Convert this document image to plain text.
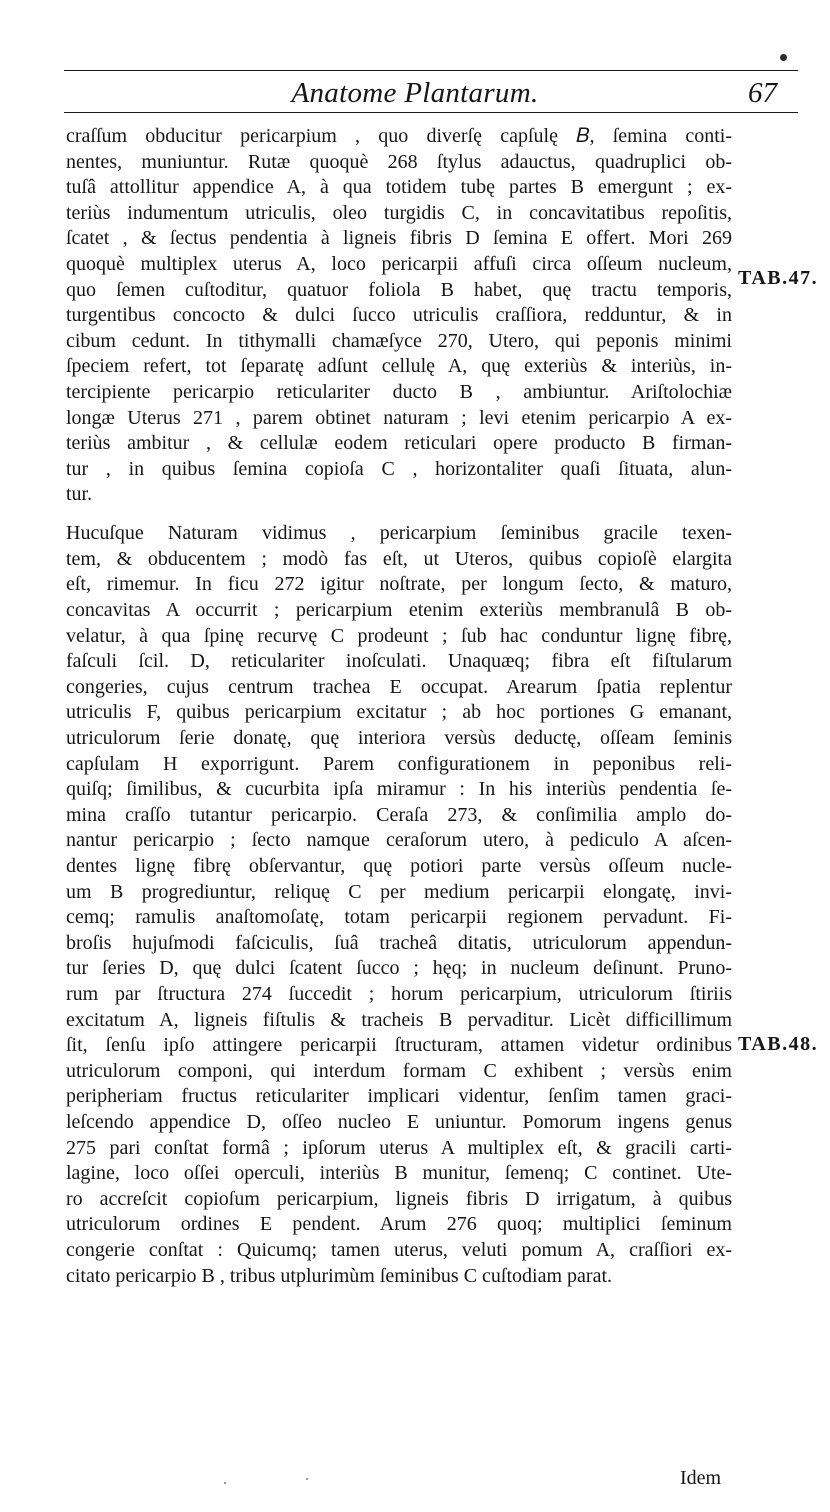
Anatome Plantarum.	67
craſſum obducitur pericarpium , quo diverſę capſulę 𝐵, ſemina conti-
nentes, muniuntur. Rutæ quoquè 268 ſtylus adauctus, quadruplici ob-
tuſâ attollitur appendice A, à qua totidem tubę partes B emergunt ; ex-
teriùs indumentum utriculis, oleo turgidis C, in concavitatibus repoſitis,
ſcatet , & ſectus pendentia à ligneis fibris D ſemina E offert. Mori 269
quoquè multiplex uterus A, loco pericarpii affuſi circa oſſeum nucleum,
quo ſemen cuſtoditur, quatuor foliola B habet, quę tractu temporis,
turgentibus concocto & dulci ſucco utriculis craſſiora, redduntur, & in
cibum cedunt. In tithymalli chamæſyce 270, Utero, qui peponis minimi
ſpeciem refert, tot ſeparatę adſunt cellulę A, quę exteriùs & interiùs, in-
tercipiente pericarpio reticulariter ducto B , ambiuntur. Ariſtolochiæ
longæ Uterus 271 , parem obtinet naturam ; levi etenim pericarpio A ex-
teriùs ambitur , & cellulæ eodem reticulari opere producto B firman-
tur , in quibus ſemina copioſa C , horizontaliter quaſi ſituata, alun-
tur.
Hucuſque Naturam vidimus , pericarpium ſeminibus gracile texen-
tem, & obducentem ; modò fas eſt, ut Uteros, quibus copioſè elargita
eſt, rimemur. In ficu 272 igitur noſtrate, per longum ſecto, & maturo,
concavitas A occurrit ; pericarpium etenim exteriùs membranulâ B ob-
velatur, à qua ſpinę recurvę C prodeunt ; ſub hac conduntur lignę fibrę,
faſculi ſcil. D, reticulariter inoſculati. Unaquæq; fibra eſt fiſtularum
congeries, cujus centrum trachea E occupat. Arearum ſpatia replentur
utriculis F, quibus pericarpium excitatur ; ab hoc portiones G emanant,
utriculorum ſerie donatę, quę interiora versùs deductę, oſſeam ſeminis
capſulam H exporrigunt. Parem configurationem in peponibus reli-
quiſq; ſimilibus, & cucurbita ipſa miramur : In his interiùs pendentia ſe-
mina craſſo tutantur pericarpio. Ceraſa 273, & conſimilia amplo do-
nantur pericarpio ; ſecto namque ceraſorum utero, à pediculo A aſcen-
dentes lignę fibrę obſervantur, quę potiori parte versùs oſſeum nucle-
um B progrediuntur, reliquę C per medium pericarpii elongatę, invi-
cemq; ramulis anaſtomoſatę, totam pericarpii regionem pervadunt. Fi-
broſis hujuſmodi faſciculis, ſuâ tracheâ ditatis, utriculorum appendun-
tur ſeries D, quę dulci ſcatent ſucco ; hęq; in nucleum deſinunt. Pruno-
rum par ſtructura 274 ſuccedit ; horum pericarpium, utriculorum ſtiriis
excitatum A, ligneis fiſtulis & tracheis B pervaditur. Licèt difficillimum
ſit, ſenſu ipſo attingere pericarpii ſtructuram, attamen videtur ordinibus
utriculorum componi, qui interdum formam C exhibent ; versùs enim
peripheriam fructus reticulariter implicari videntur, ſenſim tamen graci-
leſcendo appendice D, oſſeo nucleo E uniuntur. Pomorum ingens genus
275 pari conſtat formâ ; ipſorum uterus A multiplex eſt, & gracili carti-
lagine, loco oſſei operculi, interiùs B munitur, ſemenq; C continet. Ute-
ro accreſcit copioſum pericarpium, ligneis fibris D irrigatum, à quibus
utriculorum ordines E pendent. Arum 276 quoq; multiplici ſeminum
congerie conſtat : Quicumq; tamen uterus, veluti pomum A, craſſiori ex-
citato pericarpio B , tribus utplurimùm ſeminibus C cuſtodiam parat.
TAB.47.
TAB.48.
Idem
